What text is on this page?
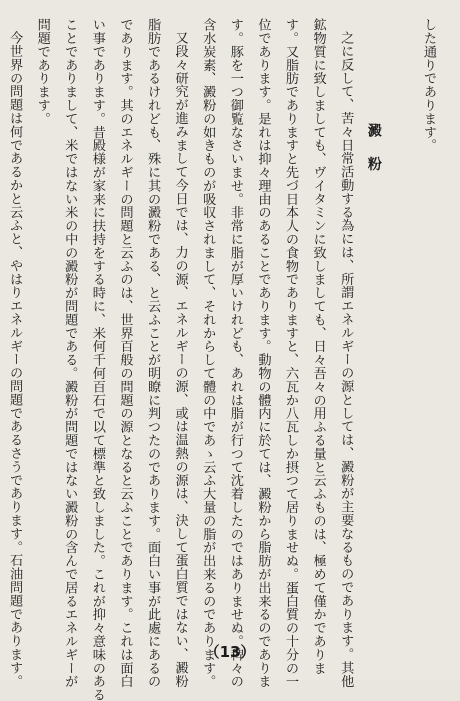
した通りであります。
澱粉
之に反して、苦々日常活動する為には、所謂エネルギーの源としては、澱粉が主要なるものであります。其他
鉱物質に致しましても、ヴイタミンに致しましても、日々吾々の用ふる量と云ふものは、極めて僅かでありま
す。又脂肪でありますと先づ日本人の食物でありますと、六瓦か八瓦しか摂つて居りませぬ。蛋白質の十分の一
位であります。是れは抑々理由のあることであります。動物の體内に於ては、澱粉から脂肪が出来るのでありま
す。豚を一つ御覧なさいませ。非常に脂が厚いけれども、あれは脂が行つて沈着したのではありませぬ。稗々の
含水炭素、澱粉の如きものが吸収されまして、それからして體の中であゝ云ふ大量の脂が出来るのであります。
又段々研究が進みまして今日では、力の源、エネルギーの源、或は温熱の源は、決して蛋白質ではない、澱粉
脂肪であるけれども、殊に其の澱粉である、と云ふことが明瞭に判つたのであります。面白い事が此處にあるの
であります。其のエネルギーの問題と云ふのは、世界百般の問題の源となると云ふことであります。これは面白
い事であります。昔殿様が家来に扶持をする時に、米何千何百石で以て標準と致しました。これが抑々意味のある
ことでありまして、米ではない米の中の澱粉が問題である。澱粉が問題ではない澱粉の含んで居るエネルギーが
問題であります。
今世界の問題は何であるかと云ふと、やはりエネルギーの問題であるさうであります。石油問題であります。	（13）
